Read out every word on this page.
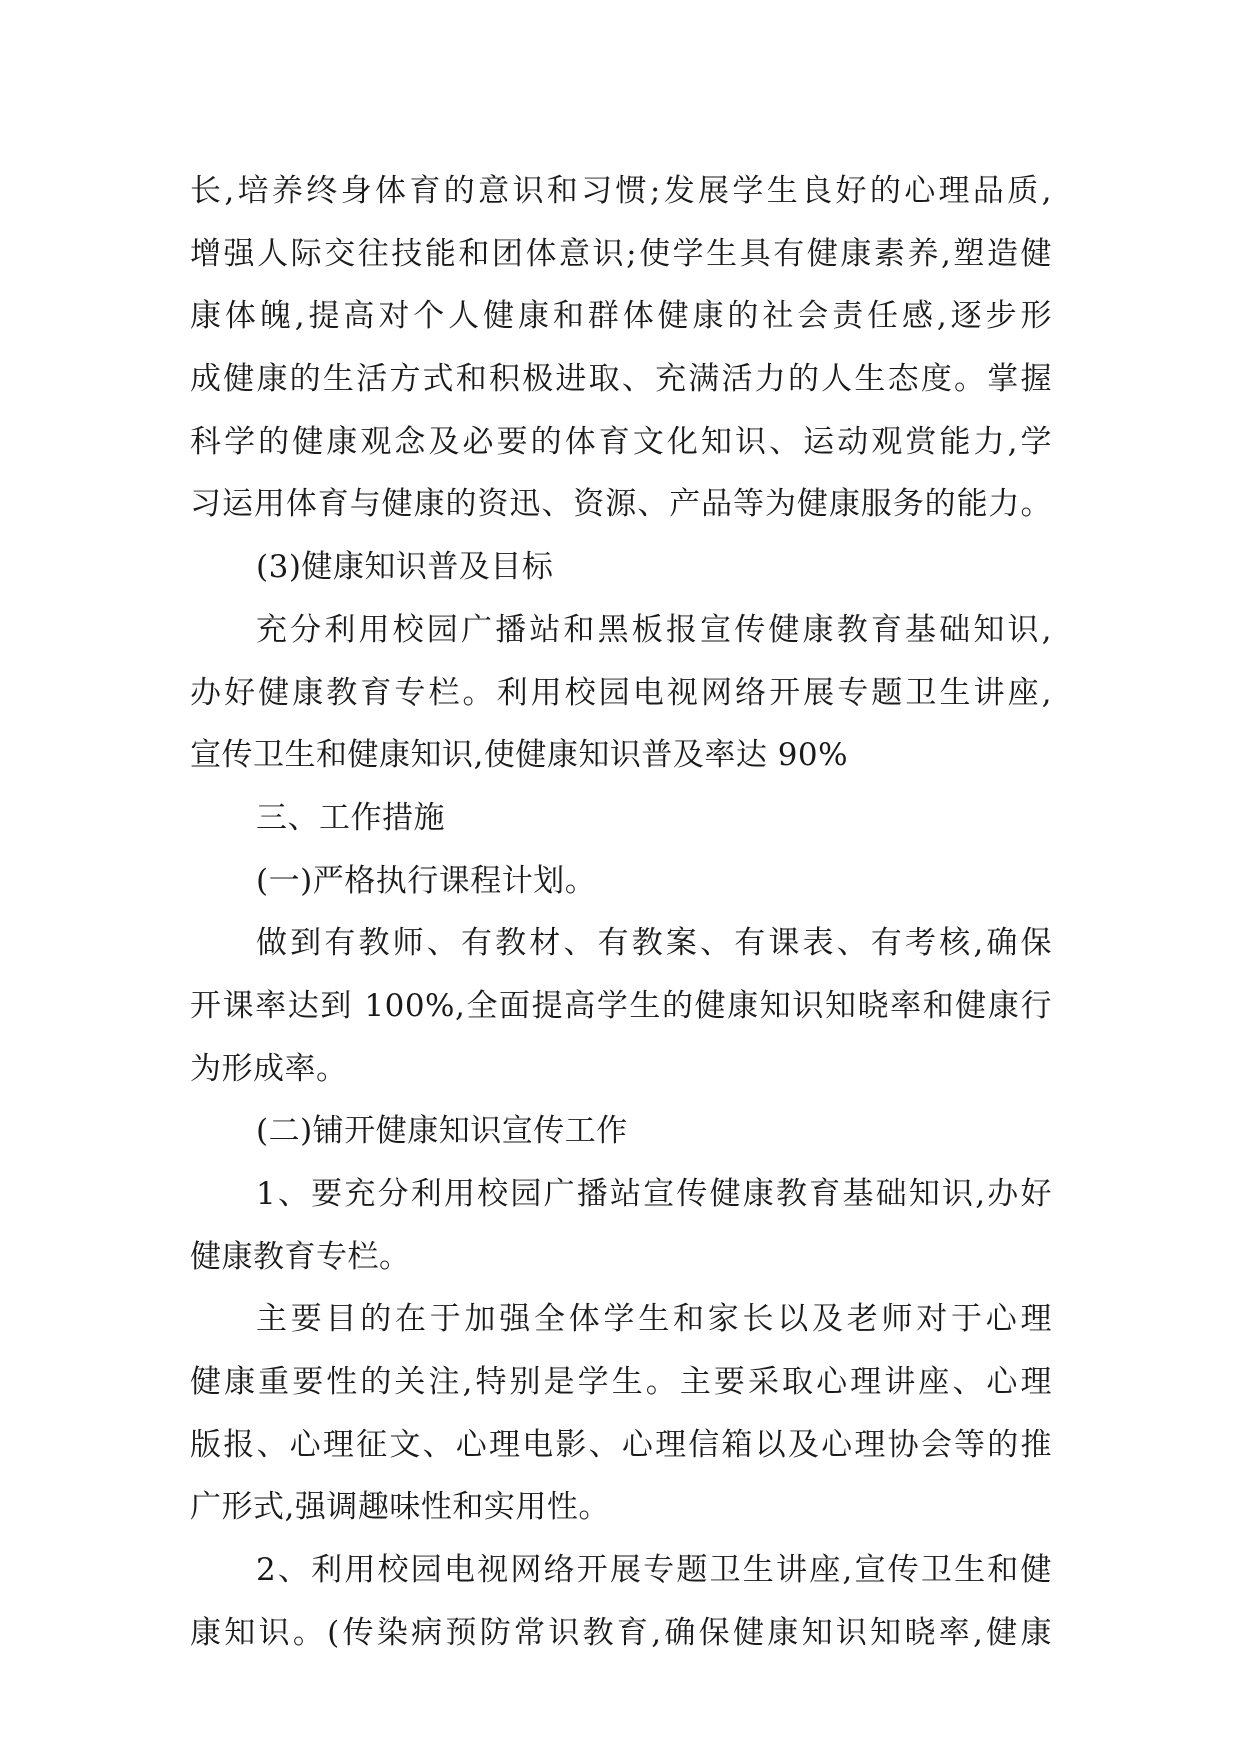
长,培养终身体育的意识和习惯;发展学生良好的心理品质,
增强人际交往技能和团体意识;使学生具有健康素养,塑造健
康体魄,提高对个人健康和群体健康的社会责任感,逐步形
成健康的生活方式和积极进取、充满活力的人生态度。掌握
科学的健康观念及必要的体育文化知识、运动观赏能力,学
习运用体育与健康的资迅、资源、产品等为健康服务的能力。
(3)健康知识普及目标
充分利用校园广播站和黑板报宣传健康教育基础知识,
办好健康教育专栏。利用校园电视网络开展专题卫生讲座,
宣传卫生和健康知识,使健康知识普及率达 90%
三、工作措施
(一)严格执行课程计划。
做到有教师、有教材、有教案、有课表、有考核,确保
开课率达到 100%,全面提高学生的健康知识知晓率和健康行
为形成率。
(二)铺开健康知识宣传工作
1、要充分利用校园广播站宣传健康教育基础知识,办好
健康教育专栏。
主要目的在于加强全体学生和家长以及老师对于心理
健康重要性的关注,特别是学生。主要采取心理讲座、心理
版报、心理征文、心理电影、心理信箱以及心理协会等的推
广形式,强调趣味性和实用性。
2、利用校园电视网络开展专题卫生讲座,宣传卫生和健
康知识。(传染病预防常识教育,确保健康知识知晓率,健康
